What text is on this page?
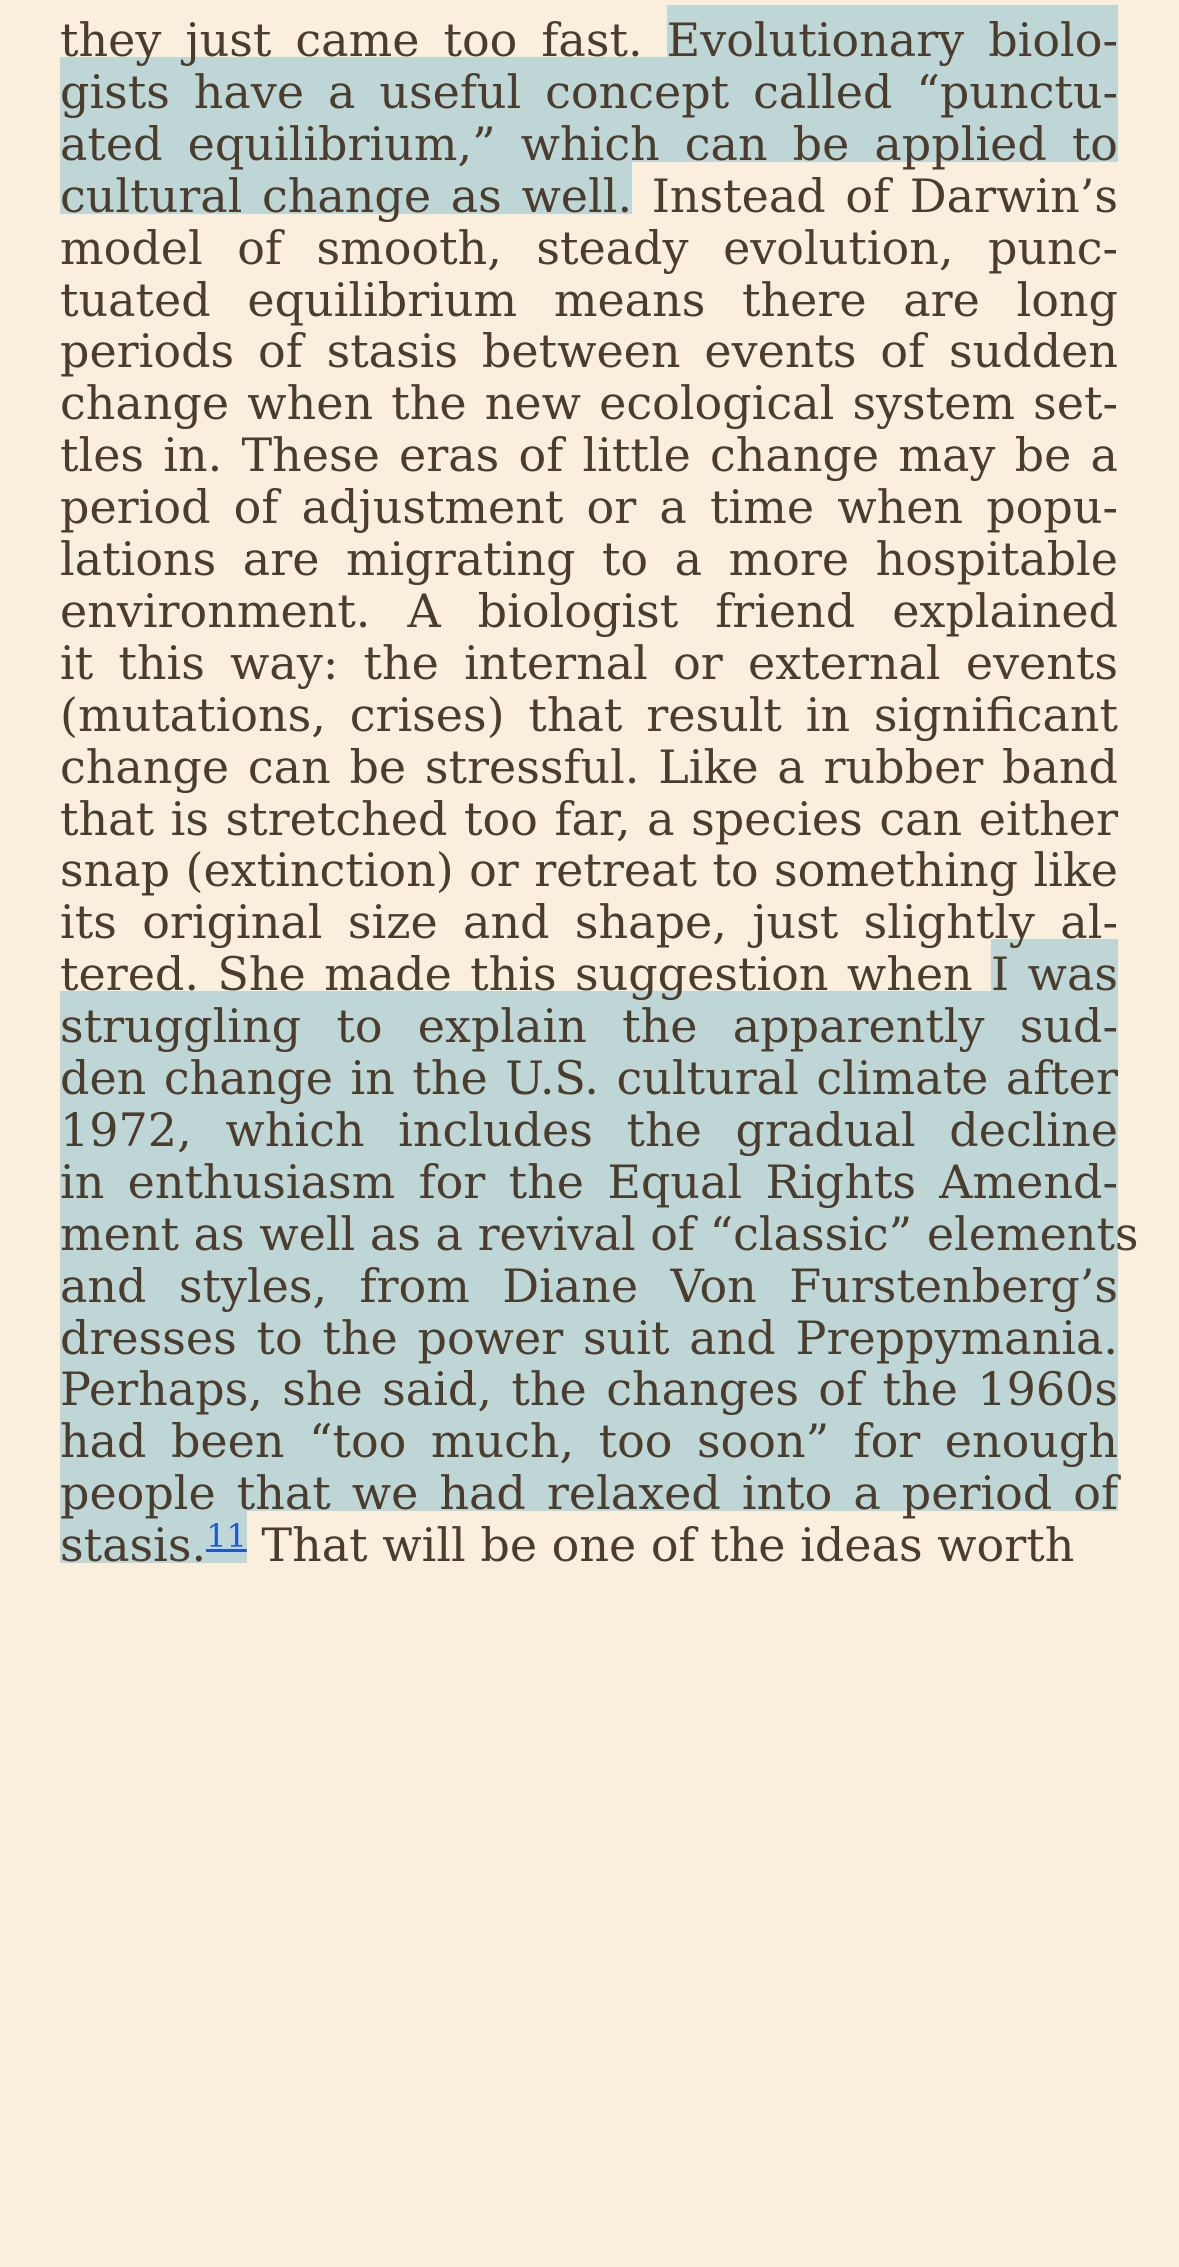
they just came too fast. Evolutionary biolo-
gists have a useful concept called “punctu-
ated equilibrium,” which can be applied to
cultural change as well. Instead of Darwin’s
model of smooth, steady evolution, punc-
tuated equilibrium means there are long
periods of stasis between events of sudden
change when the new ecological system set-
tles in. These eras of little change may be a
period of adjustment or a time when popu-
lations are migrating to a more hospitable
environment. A biologist friend explained
it this way: the internal or external events
(mutations, crises) that result in significant
change can be stressful. Like a rubber band
that is stretched too far, a species can either
snap (extinction) or retreat to something like
its original size and shape, just slightly al-
tered. She made this suggestion when I was
struggling to explain the apparently sud-
den change in the U.S. cultural climate after
1972, which includes the gradual decline
in enthusiasm for the Equal Rights Amend-
ment as well as a revival of “classic” elements
and styles, from Diane Von Furstenberg’s
dresses to the power suit and Preppymania.
Perhaps, she said, the changes of the 1960s
had been “too much, too soon” for enough
people that we had relaxed into a period of
stasis.$^{11}$ That will be one of the ideas worth
